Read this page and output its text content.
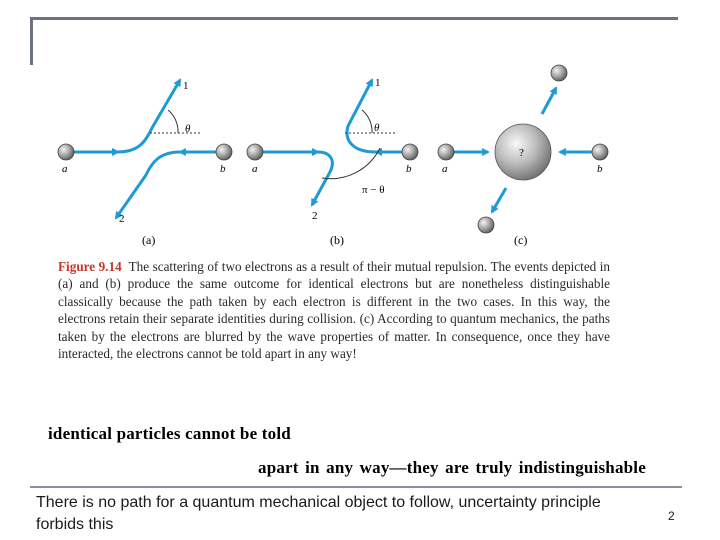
a	b
1
2
θ
(a)
a	b
1
2
θ
π − θ
(b)
?
a	b
(c)
Figure 9.14 The scattering of two electrons as a result of their mutual repulsion. The events depicted in (a) and (b) produce the same outcome for identical electrons but are nonetheless distinguishable classically because the path taken by each electron is different in the two cases. In this way, the electrons retain their separate identities during collision. (c) According to quantum mechanics, the paths taken by the electrons are blurred by the wave properties of matter. In consequence, once they have interacted, the electrons cannot be told apart in any way!
identical particles cannot be told
apart in any way—they are truly indistinguishable
There is no path for a quantum mechanical object to follow, uncertainty principle forbids this	2
